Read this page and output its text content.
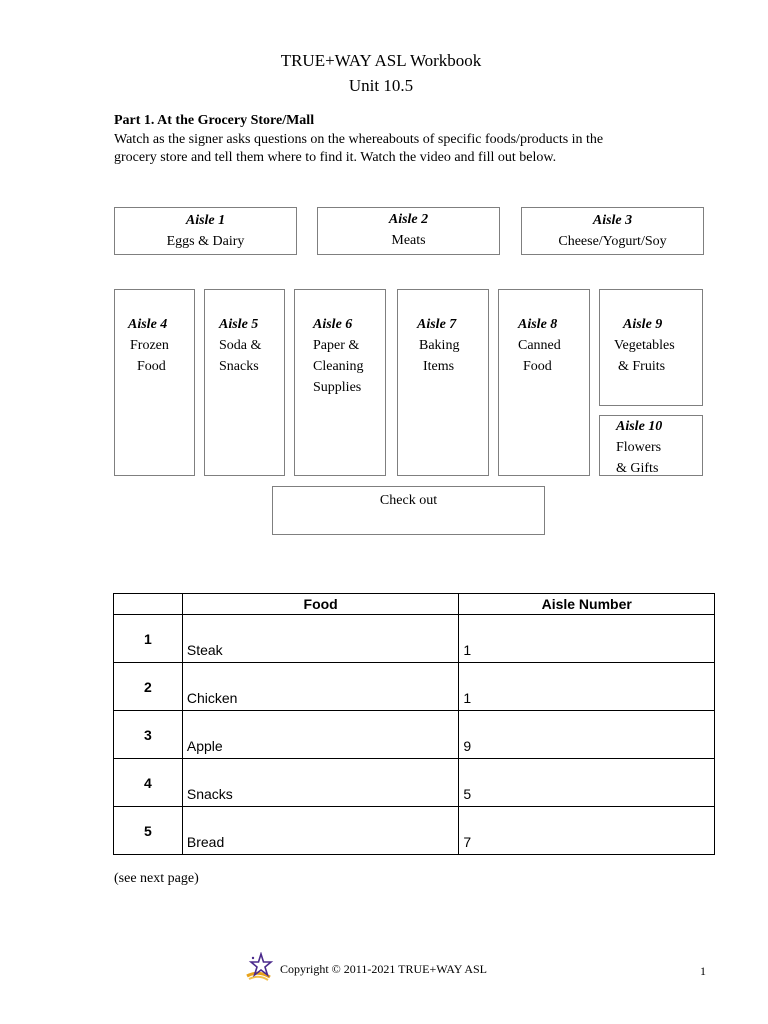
TRUE+WAY ASL Workbook
Unit 10.5
Part 1. At the Grocery Store/Mall
Watch as the signer asks questions on the whereabouts of specific foods/products in the
grocery store and tell them where to find it. Watch the video and fill out below.
Aisle 1
Eggs & Dairy
Aisle 2
Meats
Aisle 3
Cheese/Yogurt/Soy
Aisle 4
Frozen
Food
Aisle 5
Soda &
Snacks
Aisle 6
Paper &
Cleaning
Supplies
Aisle 7
Baking
Items
Aisle 8
Canned
Food
Aisle 9
Vegetables
& Fruits
Aisle 10
Flowers
& Gifts
Check out
	Food	Aisle Number
1	Steak	1
2	Chicken	1
3	Apple	9
4	Snacks	5
5	Bread	7
(see next page)
Copyright © 2011-2021 TRUE+WAY ASL	1
